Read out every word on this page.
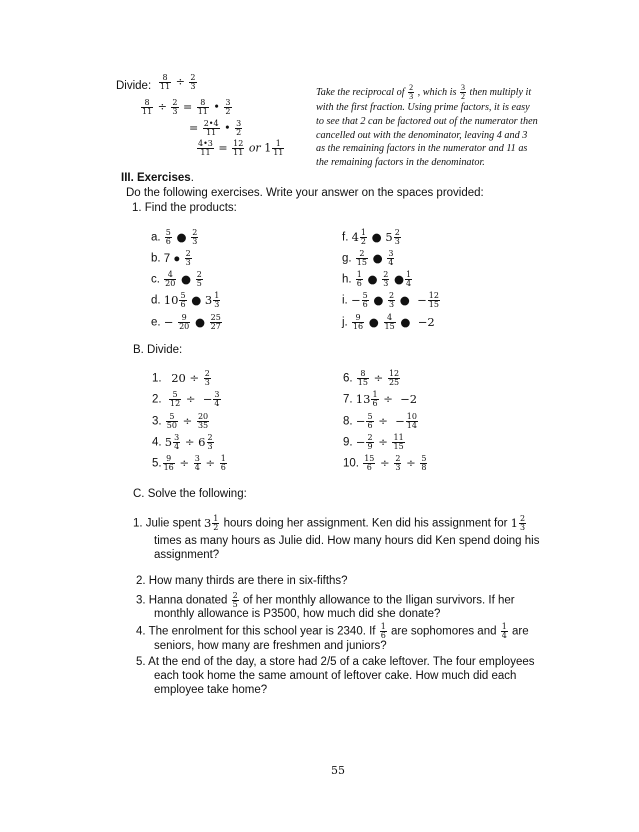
Divide: $\frac{8}{11} \div \frac{2}{3}$
$\frac{8}{11} \div \frac{2}{3} = \frac{8}{11}$ • $\frac{3}{2}$
= $\frac{2•4}{11}$ • $\frac{3}{2}$
$\frac{4•3}{11} = \frac{12}{11}$ or $1 \frac{1}{11}$
Take the reciprocal of $\frac{2}{3}$ , which is $\frac{3}{2}$ then multiply it
with the first fraction. Using prime factors, it is easy
to see that 2 can be factored out of the numerator then
cancelled out with the denominator, leaving 4 and 3
as the remaining factors in the numerator and 11 as
the remaining factors in the denominator.
III. Exercises.
Do the following exercises. Write your answer on the spaces provided:
1. Find the products:
a. $\frac{5}{6}$ ● $\frac{2}{3}$
b. 7 ● $\frac{2}{3}$
c. $\frac{4}{20}$ ● $\frac{2}{5}$
d. $10 \frac{5}{6}$ ● $3 \frac{1}{3}$
e. − $\frac{9}{20}$ ● $\frac{25}{27}$
f. $4 \frac{1}{2}$ ● $5 \frac{2}{3}$
g. $\frac{2}{15}$ ● $\frac{3}{4}$
h. $\frac{1}{6}$ ● $\frac{2}{3}$ ● $\frac{1}{4}$
i. − $\frac{5}{6}$ ● $\frac{2}{3}$ ● − $\frac{12}{15}$
j. $\frac{9}{16}$ ● $\frac{4}{15}$ ● −2
B. Divide:
1. $20 \div \frac{2}{3}$
2. $\frac{5}{12}$ ÷ − $\frac{3}{4}$
3. $\frac{5}{50} \div \frac{20}{35}$
4. $5 \frac{3}{4} \div 6 \frac{2}{3}$
5. $\frac{9}{16} \div \frac{3}{4} \div \frac{1}{6}$
6. $\frac{8}{15} \div \frac{12}{25}$
7. $13 \frac{1}{6} \div -2$
8. − $\frac{5}{6}$ ÷ − $\frac{10}{14}$
9. − $\frac{2}{9} \div \frac{11}{15}$
10. $\frac{15}{6} \div \frac{2}{3} \div \frac{5}{8}$
C. Solve the following:
1. Julie spent $3 \frac{1}{2}$ hours doing her assignment. Ken did his assignment for $1 \frac{2}{3}$
times as many hours as Julie did. How many hours did Ken spend doing his
assignment?
2. How many thirds are there in six-fifths?
3. Hanna donated $\frac{2}{5}$ of her monthly allowance to the Iligan survivors. If her
monthly allowance is P3500, how much did she donate?
4. The enrolment for this school year is 2340. If $\frac{1}{6}$ are sophomores and $\frac{1}{4}$ are
seniors, how many are freshmen and juniors?
5. At the end of the day, a store had 2/5 of a cake leftover. The four employees
each took home the same amount of leftover cake. How much did each
employee take home?
55
